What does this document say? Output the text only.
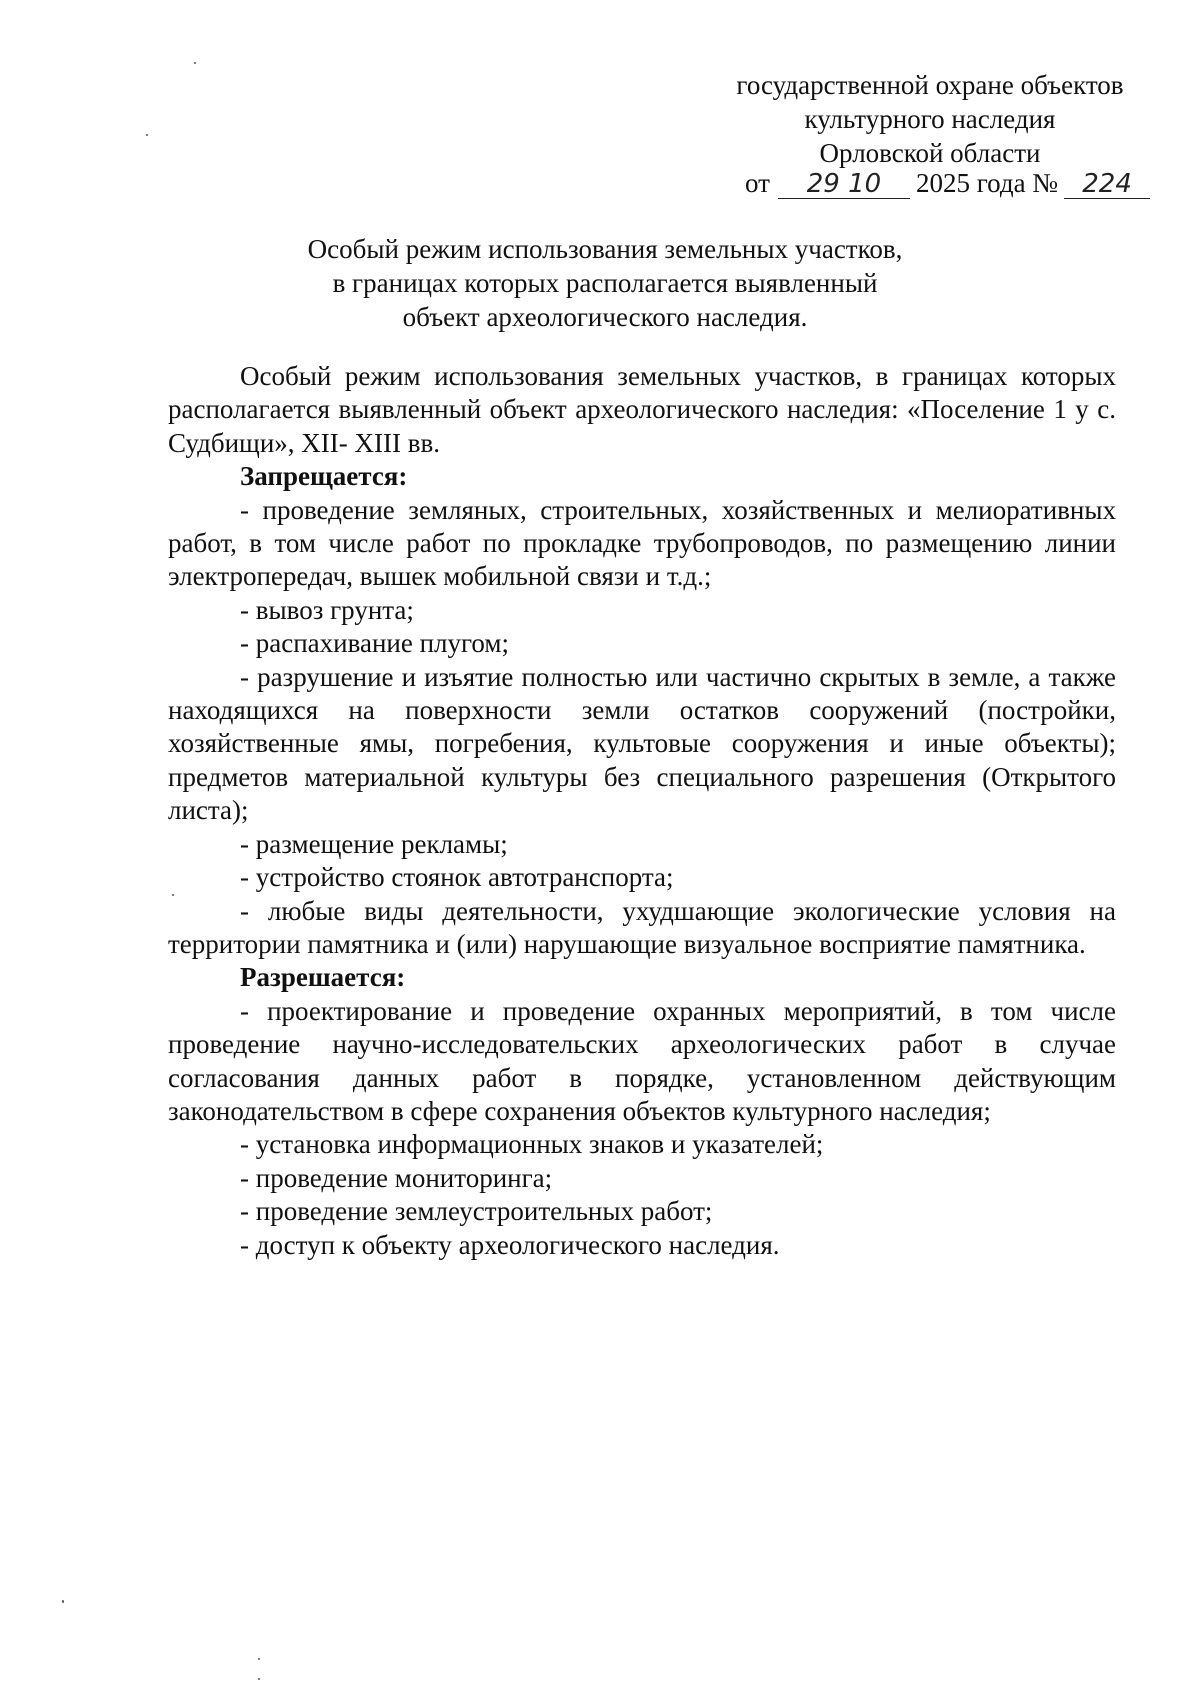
государственной охране объектов
культурного наследия
Орловской области
от 29 10 2025 года № 224
Особый режим использования земельных участков,
в границах которых располагается выявленный
объект археологического наследия.

Особый режим использования земельных участков, в границах которых располагается выявленный объект археологического наследия: «Поселение 1 у с. Судбищи», XII- XIII вв.

Запрещается:

- проведение земляных, строительных, хозяйственных и мелиоративных работ, в том числе работ по прокладке трубопроводов, по размещению линии электропередач, вышек мобильной связи и т.д.;

- вывоз грунта;

- распахивание плугом;

- разрушение и изъятие полностью или частично скрытых в земле, а также находящихся на поверхности земли остатков сооружений (постройки, хозяйственные ямы, погребения, культовые сооружения и иные объекты); предметов материальной культуры без специального разрешения (Открытого листа);

- размещение рекламы;

- устройство стоянок автотранспорта;

- любые виды деятельности, ухудшающие экологические условия на территории памятника и (или) нарушающие визуальное восприятие памятника.

Разрешается:

- проектирование и проведение охранных мероприятий, в том числе проведение научно-исследовательских археологических работ в случае согласования данных работ в порядке, установленном действующим законодательством в сфере сохранения объектов культурного наследия;

- установка информационных знаков и указателей;

- проведение мониторинга;

- проведение землеустроительных работ;

- доступ к объекту археологического наследия.
